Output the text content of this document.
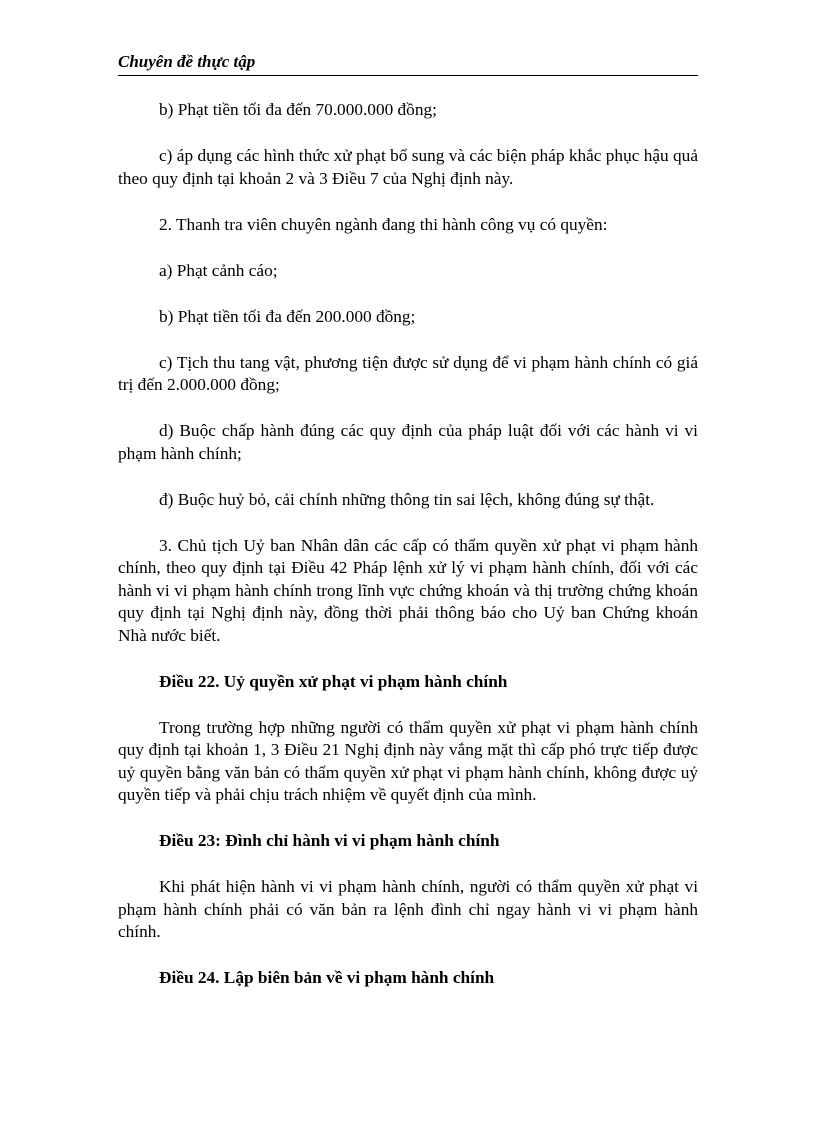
Chuyên đề thực tập

b) Phạt tiền tối đa đến 70.000.000 đồng;

c) áp dụng các hình thức xử phạt bổ sung và các biện pháp khắc phục hậu quả theo quy định tại khoản 2 và 3 Điều 7 của Nghị định này.

2. Thanh tra viên chuyên ngành đang thi hành công vụ có quyền:

a) Phạt cảnh cáo;

b) Phạt tiền tối đa đến 200.000 đồng;

c) Tịch thu tang vật, phương tiện được sử dụng để vi phạm hành chính có giá trị đến 2.000.000 đồng;

d) Buộc chấp hành đúng các quy định của pháp luật đối với các hành vi vi phạm hành chính;

đ) Buộc huỷ bỏ, cải chính những thông tin sai lệch, không đúng sự thật.

3. Chủ tịch Uỷ ban Nhân dân các cấp có thẩm quyền xử phạt vi phạm hành chính, theo quy định tại Điều 42 Pháp lệnh xử lý vi phạm hành chính, đối với các hành vi vi phạm hành chính trong lĩnh vực chứng khoán và thị trường chứng khoán quy định tại Nghị định này, đồng thời phải thông báo cho Uỷ ban Chứng khoán Nhà nước biết.

Điều 22. Uỷ quyền xử phạt vi phạm hành chính

Trong trường hợp những người có thẩm quyền xử phạt vi phạm hành chính quy định tại khoản 1, 3 Điều 21 Nghị định này vắng mặt thì cấp phó trực tiếp được uỷ quyền bằng văn bản có thẩm quyền xử phạt vi phạm hành chính, không được uỷ quyền tiếp và phải chịu trách nhiệm về quyết định của mình.

Điều 23: Đình chỉ hành vi vi phạm hành chính

Khi phát hiện hành vi vi phạm hành chính, người có thẩm quyền xử phạt vi phạm hành chính phải có văn bản ra lệnh đình chỉ ngay hành vi vi phạm hành chính.

Điều 24. Lập biên bản về vi phạm hành chính
